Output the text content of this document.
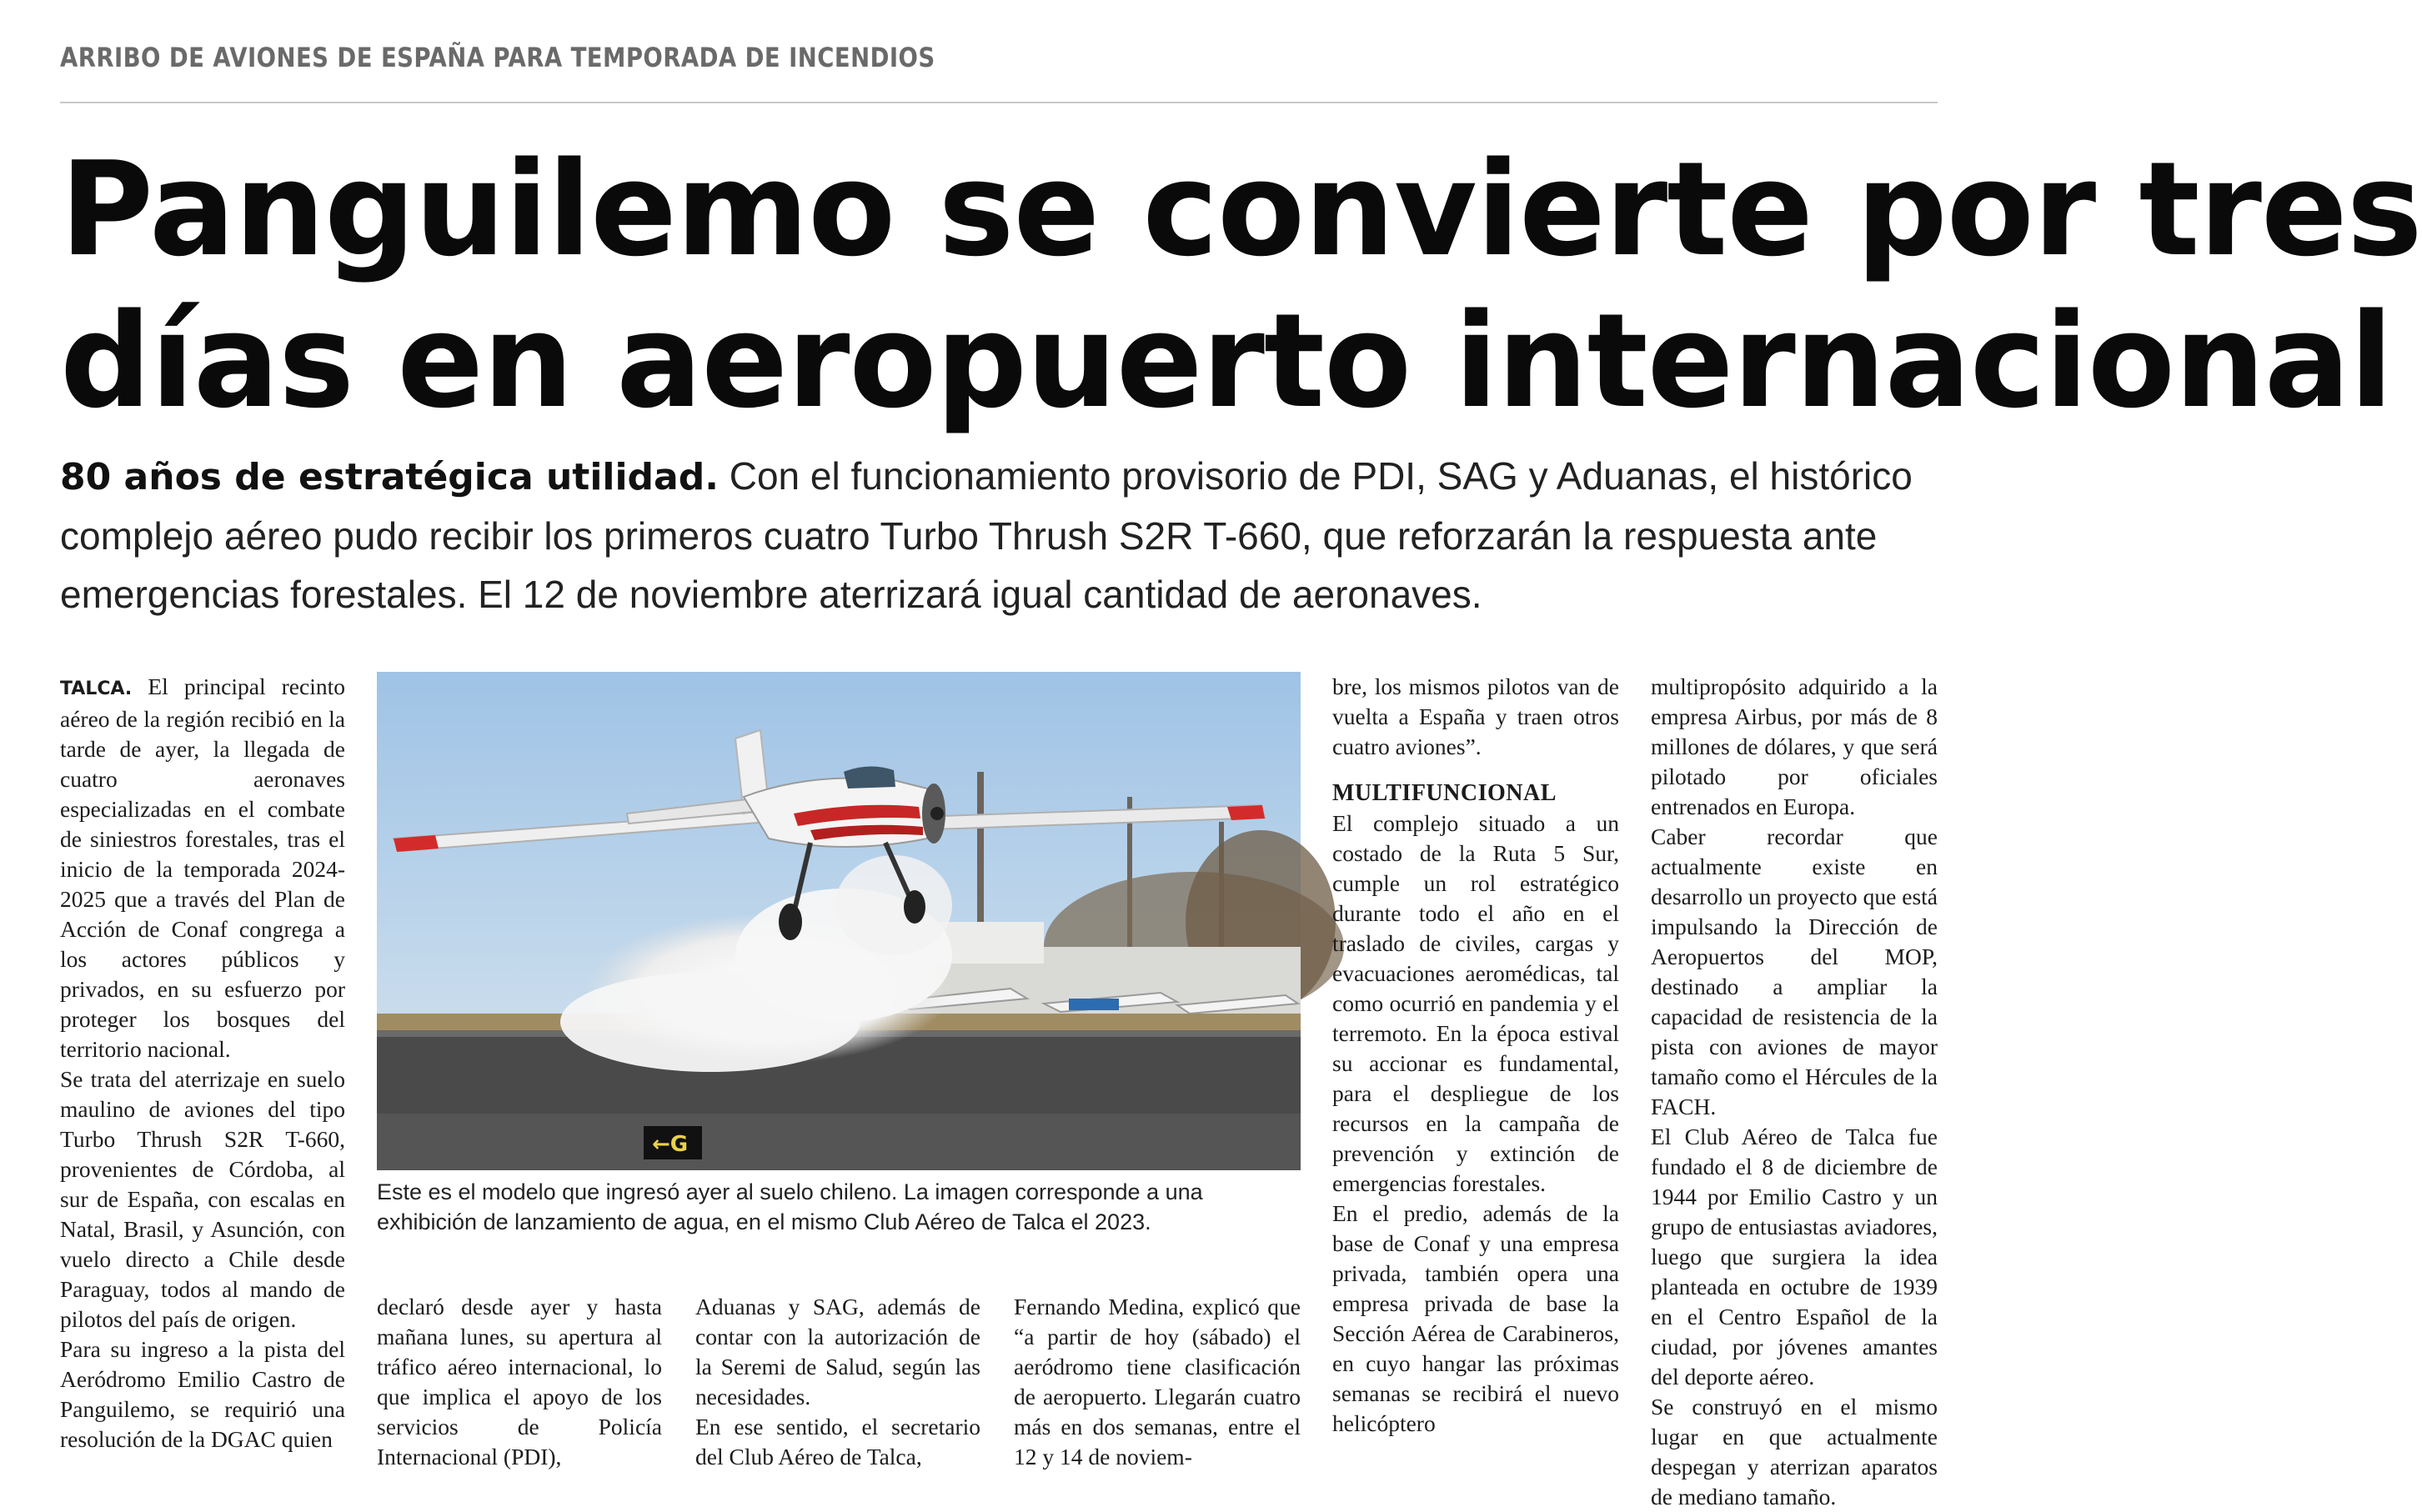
ARRIBO DE AVIONES DE ESPAÑA PARA TEMPORADA DE INCENDIOS
Panguilemo se convierte por tres
días en aeropuerto internacional
80 años de estratégica utilidad. Con el funcionamiento provisorio de PDI, SAG y Aduanas, el histórico complejo aéreo pudo recibir los primeros cuatro Turbo Thrush S2R T-660, que reforzarán la respuesta ante emergencias forestales. El 12 de noviembre aterrizará igual cantidad de aeronaves.

TALCA. El principal recinto aéreo de la región recibió en la tarde de ayer, la llegada de cuatro aeronaves especializadas en el combate de siniestros forestales, tras el inicio de la temporada 2024-2025 que a través del Plan de Acción de Conaf congrega a los actores públicos y privados, en su esfuerzo por proteger los bosques del territorio nacional.

Se trata del aterrizaje en suelo maulino de aviones del tipo Turbo Thrush S2R T-660, provenientes de Córdoba, al sur de España, con escalas en Natal, Brasil, y Asunción, con vuelo directo a Chile desde Paraguay, todos al mando de pilotos del país de origen.

Para su ingreso a la pista del Aeródromo Emilio Castro de Panguilemo, se requirió una resolución de la DGAC quien

←G
Este es el modelo que ingresó ayer al suelo chileno. La imagen corresponde a una exhibición de lanzamiento de agua, en el mismo Club Aéreo de Talca el 2023.

declaró desde ayer y hasta mañana lunes, su apertura al tráfico aéreo internacional, lo que implica el apoyo de los servicios de Policía Internacional (PDI),

Aduanas y SAG, además de contar con la autorización de la Seremi de Salud, según las necesidades.

En ese sentido, el secretario del Club Aéreo de Talca,

Fernando Medina, explicó que “a partir de hoy (sábado) el aeródromo tiene clasificación de aeropuerto. Llegarán cuatro más en dos semanas, entre el 12 y 14 de noviem-

bre, los mismos pilotos van de vuelta a España y traen otros cuatro aviones”.

MULTIFUNCIONAL

El complejo situado a un costado de la Ruta 5 Sur, cumple un rol estratégico durante todo el año en el traslado de civiles, cargas y evacuaciones aeromédicas, tal como ocurrió en pandemia y el terremoto. En la época estival su accionar es fundamental, para el despliegue de los recursos en la campaña de prevención y extinción de emergencias forestales.

En el predio, además de la base de Conaf y una empresa privada, también opera una empresa privada de base la Sección Aérea de Carabineros, en cuyo hangar las próximas semanas se recibirá el nuevo helicóptero

multipropósito adquirido a la empresa Airbus, por más de 8 millones de dólares, y que será pilotado por oficiales entrenados en Europa.

Caber recordar que actualmente existe en desarrollo un proyecto que está impulsando la Dirección de Aeropuertos del MOP, destinado a ampliar la capacidad de resistencia de la pista con aviones de mayor tamaño como el Hércules de la FACH.

El Club Aéreo de Talca fue fundado el 8 de diciembre de 1944 por Emilio Castro y un grupo de entusiastas aviadores, luego que surgiera la idea planteada en octubre de 1939 en el Centro Español de la ciudad, por jóvenes amantes del deporte aéreo.

Se construyó en el mismo lugar en que actualmente despegan y aterrizan aparatos de mediano tamaño.
